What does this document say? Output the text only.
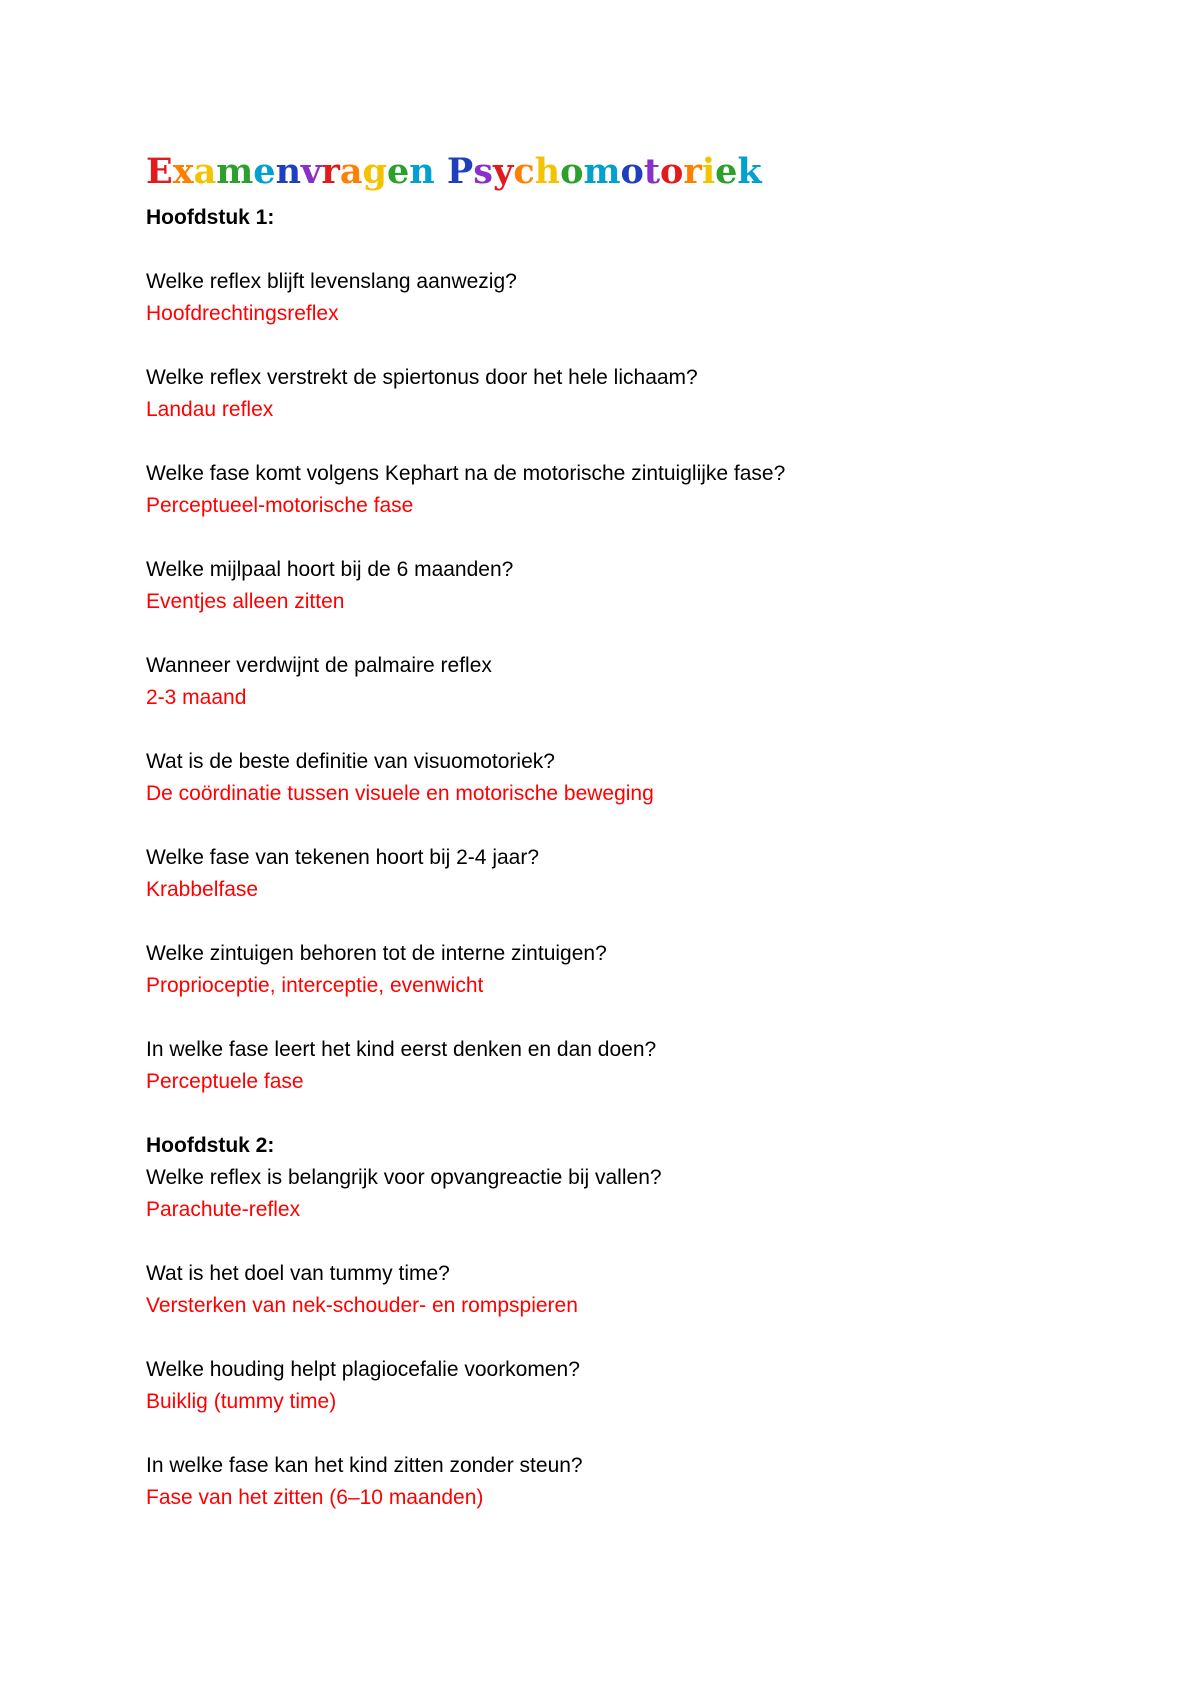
Examenvragen Psychomotoriek

Hoofdstuk 1:

Welke reflex blijft levenslang aanwezig?

Hoofdrechtingsreflex

Welke reflex verstrekt de spiertonus door het hele lichaam?

Landau reflex

Welke fase komt volgens Kephart na de motorische zintuiglijke fase?

Perceptueel-motorische fase

Welke mijlpaal hoort bij de 6 maanden?

Eventjes alleen zitten

Wanneer verdwijnt de palmaire reflex

2-3 maand

Wat is de beste definitie van visuomotoriek?

De coördinatie tussen visuele en motorische beweging

Welke fase van tekenen hoort bij 2-4 jaar?

Krabbelfase

Welke zintuigen behoren tot de interne zintuigen?

Proprioceptie, interceptie, evenwicht

In welke fase leert het kind eerst denken en dan doen?

Perceptuele fase

Hoofdstuk 2:

Welke reflex is belangrijk voor opvangreactie bij vallen?

Parachute-reflex

Wat is het doel van tummy time?

Versterken van nek-schouder- en rompspieren

Welke houding helpt plagiocefalie voorkomen?

Buiklig (tummy time)

In welke fase kan het kind zitten zonder steun?

Fase van het zitten (6–10 maanden)
